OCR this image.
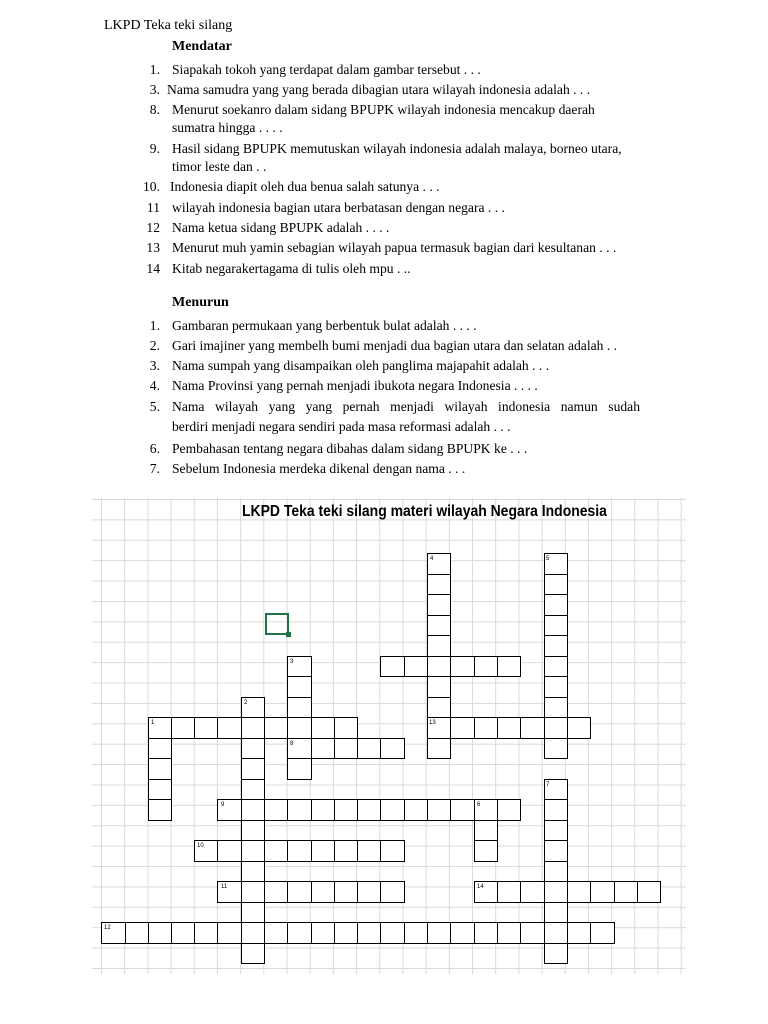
LKPD Teka teki silang
Mendatar
1. Siapakah tokoh yang terdapat dalam gambar tersebut . . .
3. Nama samudra yang yang berada dibagian utara wilayah indonesia adalah . . .
8. Menurut soekanro dalam sidang BPUPK wilayah indonesia mencakup daerah
sumatra hingga . . . .
9. Hasil sidang BPUPK memutuskan wilayah indonesia adalah malaya, borneo utara,
timor leste dan . .
10. Indonesia diapit oleh dua benua salah satunya . . .
11 wilayah indonesia bagian utara berbatasan dengan negara . . .
12 Nama ketua sidang BPUPK adalah . . . .
13 Menurut muh yamin sebagian wilayah papua termasuk bagian dari kesultanan . . .
14 Kitab negarakertagama di tulis oleh mpu . ..
Menurun
1. Gambaran permukaan yang berbentuk bulat adalah . . . .
2. Gari imajiner yang membelh bumi menjadi dua bagian utara dan selatan adalah . .
3. Nama sumpah yang disampaikan oleh panglima majapahit adalah . . .
4. Nama Provinsi yang pernah menjadi ibukota negara Indonesia . . . .
5. Nama wilayah yang yang pernah menjadi wilayah indonesia namun sudah
berdiri menjadi negara sendiri pada masa reformasi adalah . . .
6. Pembahasan tentang negara dibahas dalam sidang BPUPK ke . . .
7. Sebelum Indonesia merdeka dikenal dengan nama . . .
LKPD Teka teki silang materi wilayah Negara Indonesia
4	5
3
2
1	13
8
7
9	6
10
11	14
12
